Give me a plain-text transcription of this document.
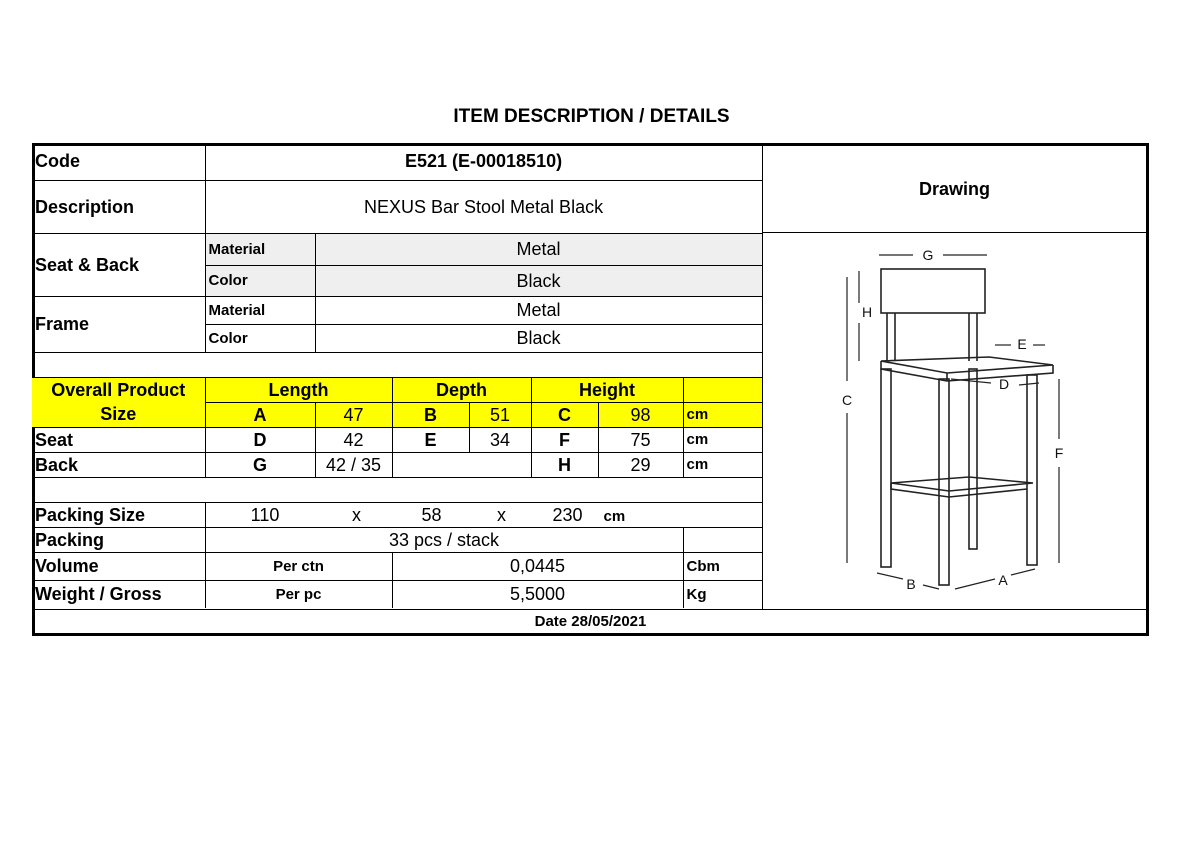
ITEM DESCRIPTION / DETAILS
Code	E521 (E-00018510)						
Description	NEXUS Bar Stool Metal Black						
Seat & Back	Material	Metal					
	Color	Black					
Frame	Material	Metal					
	Color	Black					

Overall Product	Length		Depth		Height		
Size	A	47	B	51	C	98	cm
Seat	D	42	E	34	F	75	cm
Back	G	42 / 35			H	29	cm

Packing Size	110 x 58 x 230 cm						
Packing	33 pcs / stack						
Volume	Per ctn		0,0445				Cbm
Weight / Gross	Per pc		5,5000				Kg
Drawing
G
H
E
D
C
F
B	A
Date 28/05/2021
